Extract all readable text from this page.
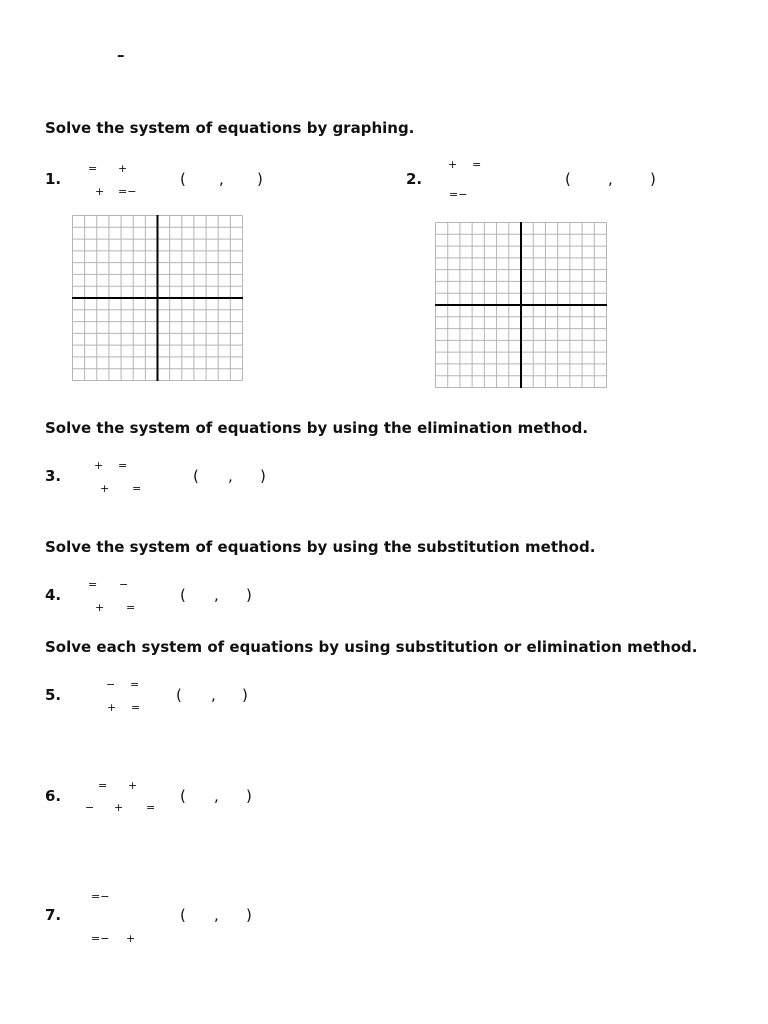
–
Solve the system of equations by graphing.
1.
= +
+ =−
( , )	2.
+ =
=−
( , )
Solve the system of equations by using the elimination method.
3.
+ =
+ =
( , )
Solve the system of equations by using the substitution method.
4.
= −
+ =
( , )
Solve each system of equations by using substitution or elimination method.
5.
− =
+ =
( , )
6.
= +
− + =
( , )
7.
=−
=− +
( , )
